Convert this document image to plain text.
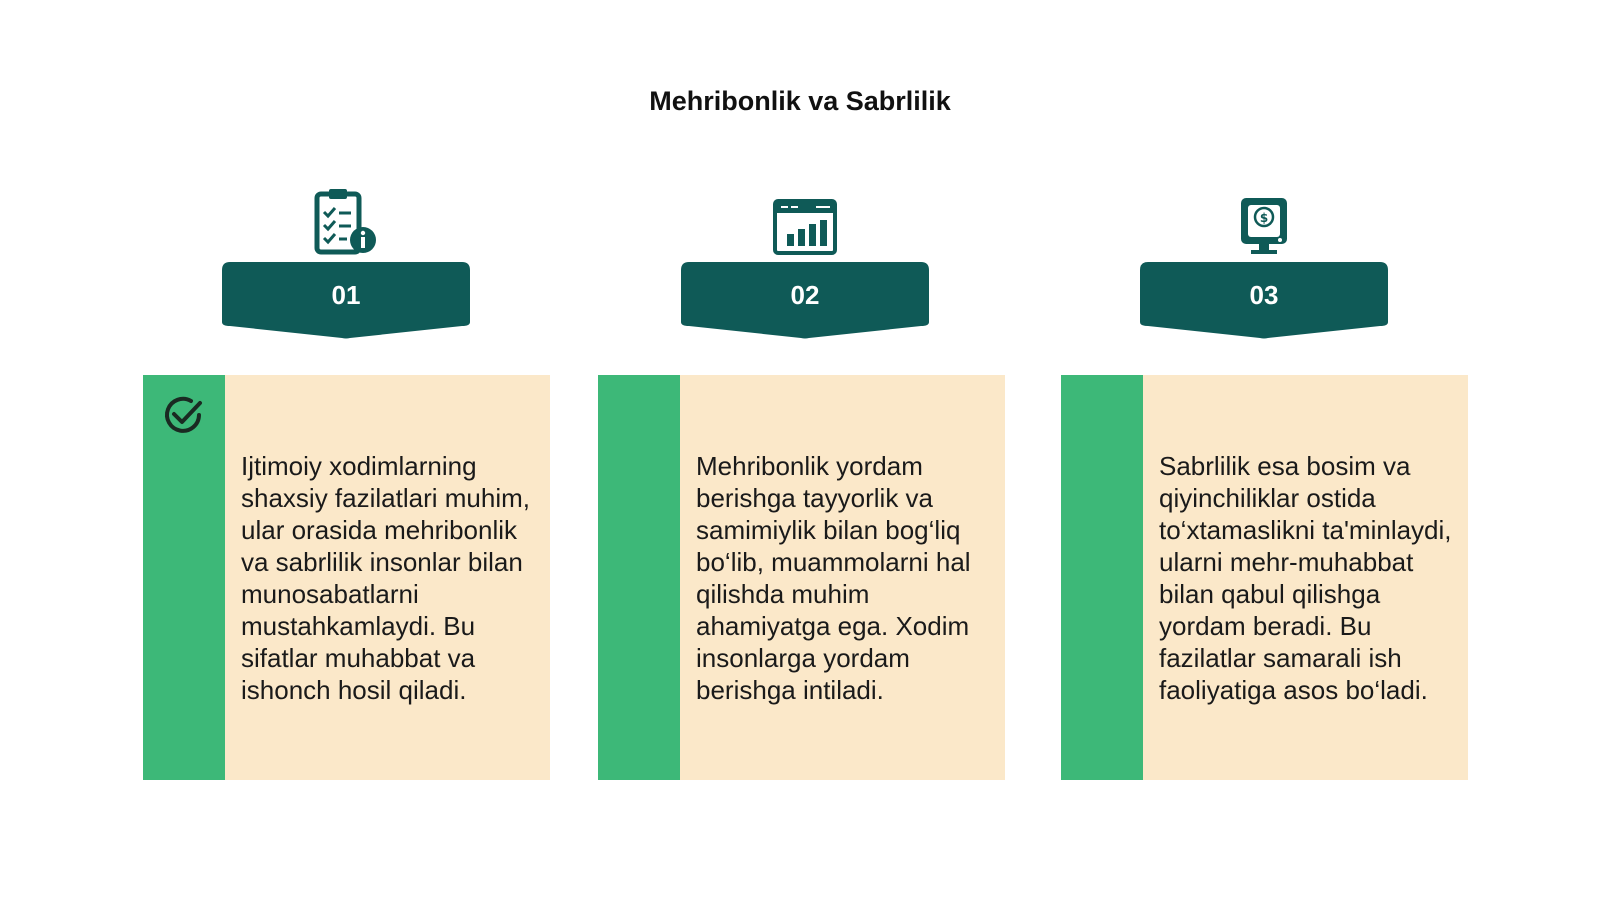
Mehribonlik va Sabrlilik
01	02
$
03
Ijtimoiy xodimlarning shaxsiy fazilatlari muhim, ular orasida mehribonlik va sabrlilik insonlar bilan munosabatlarni mustahkamlaydi. Bu sifatlar muhabbat va ishonch hosil qiladi.
Mehribonlik yordam berishga tayyorlik va samimiylik bilan bog‘liq bo‘lib, muammolarni hal qilishda muhim ahamiyatga ega. Xodim insonlarga yordam berishga intiladi.
Sabrlilik esa bosim va qiyinchiliklar ostida to‘xtamaslikni ta'minlaydi, ularni mehr-muhabbat bilan qabul qilishga yordam beradi. Bu fazilatlar samarali ish faoliyatiga asos bo‘ladi.
